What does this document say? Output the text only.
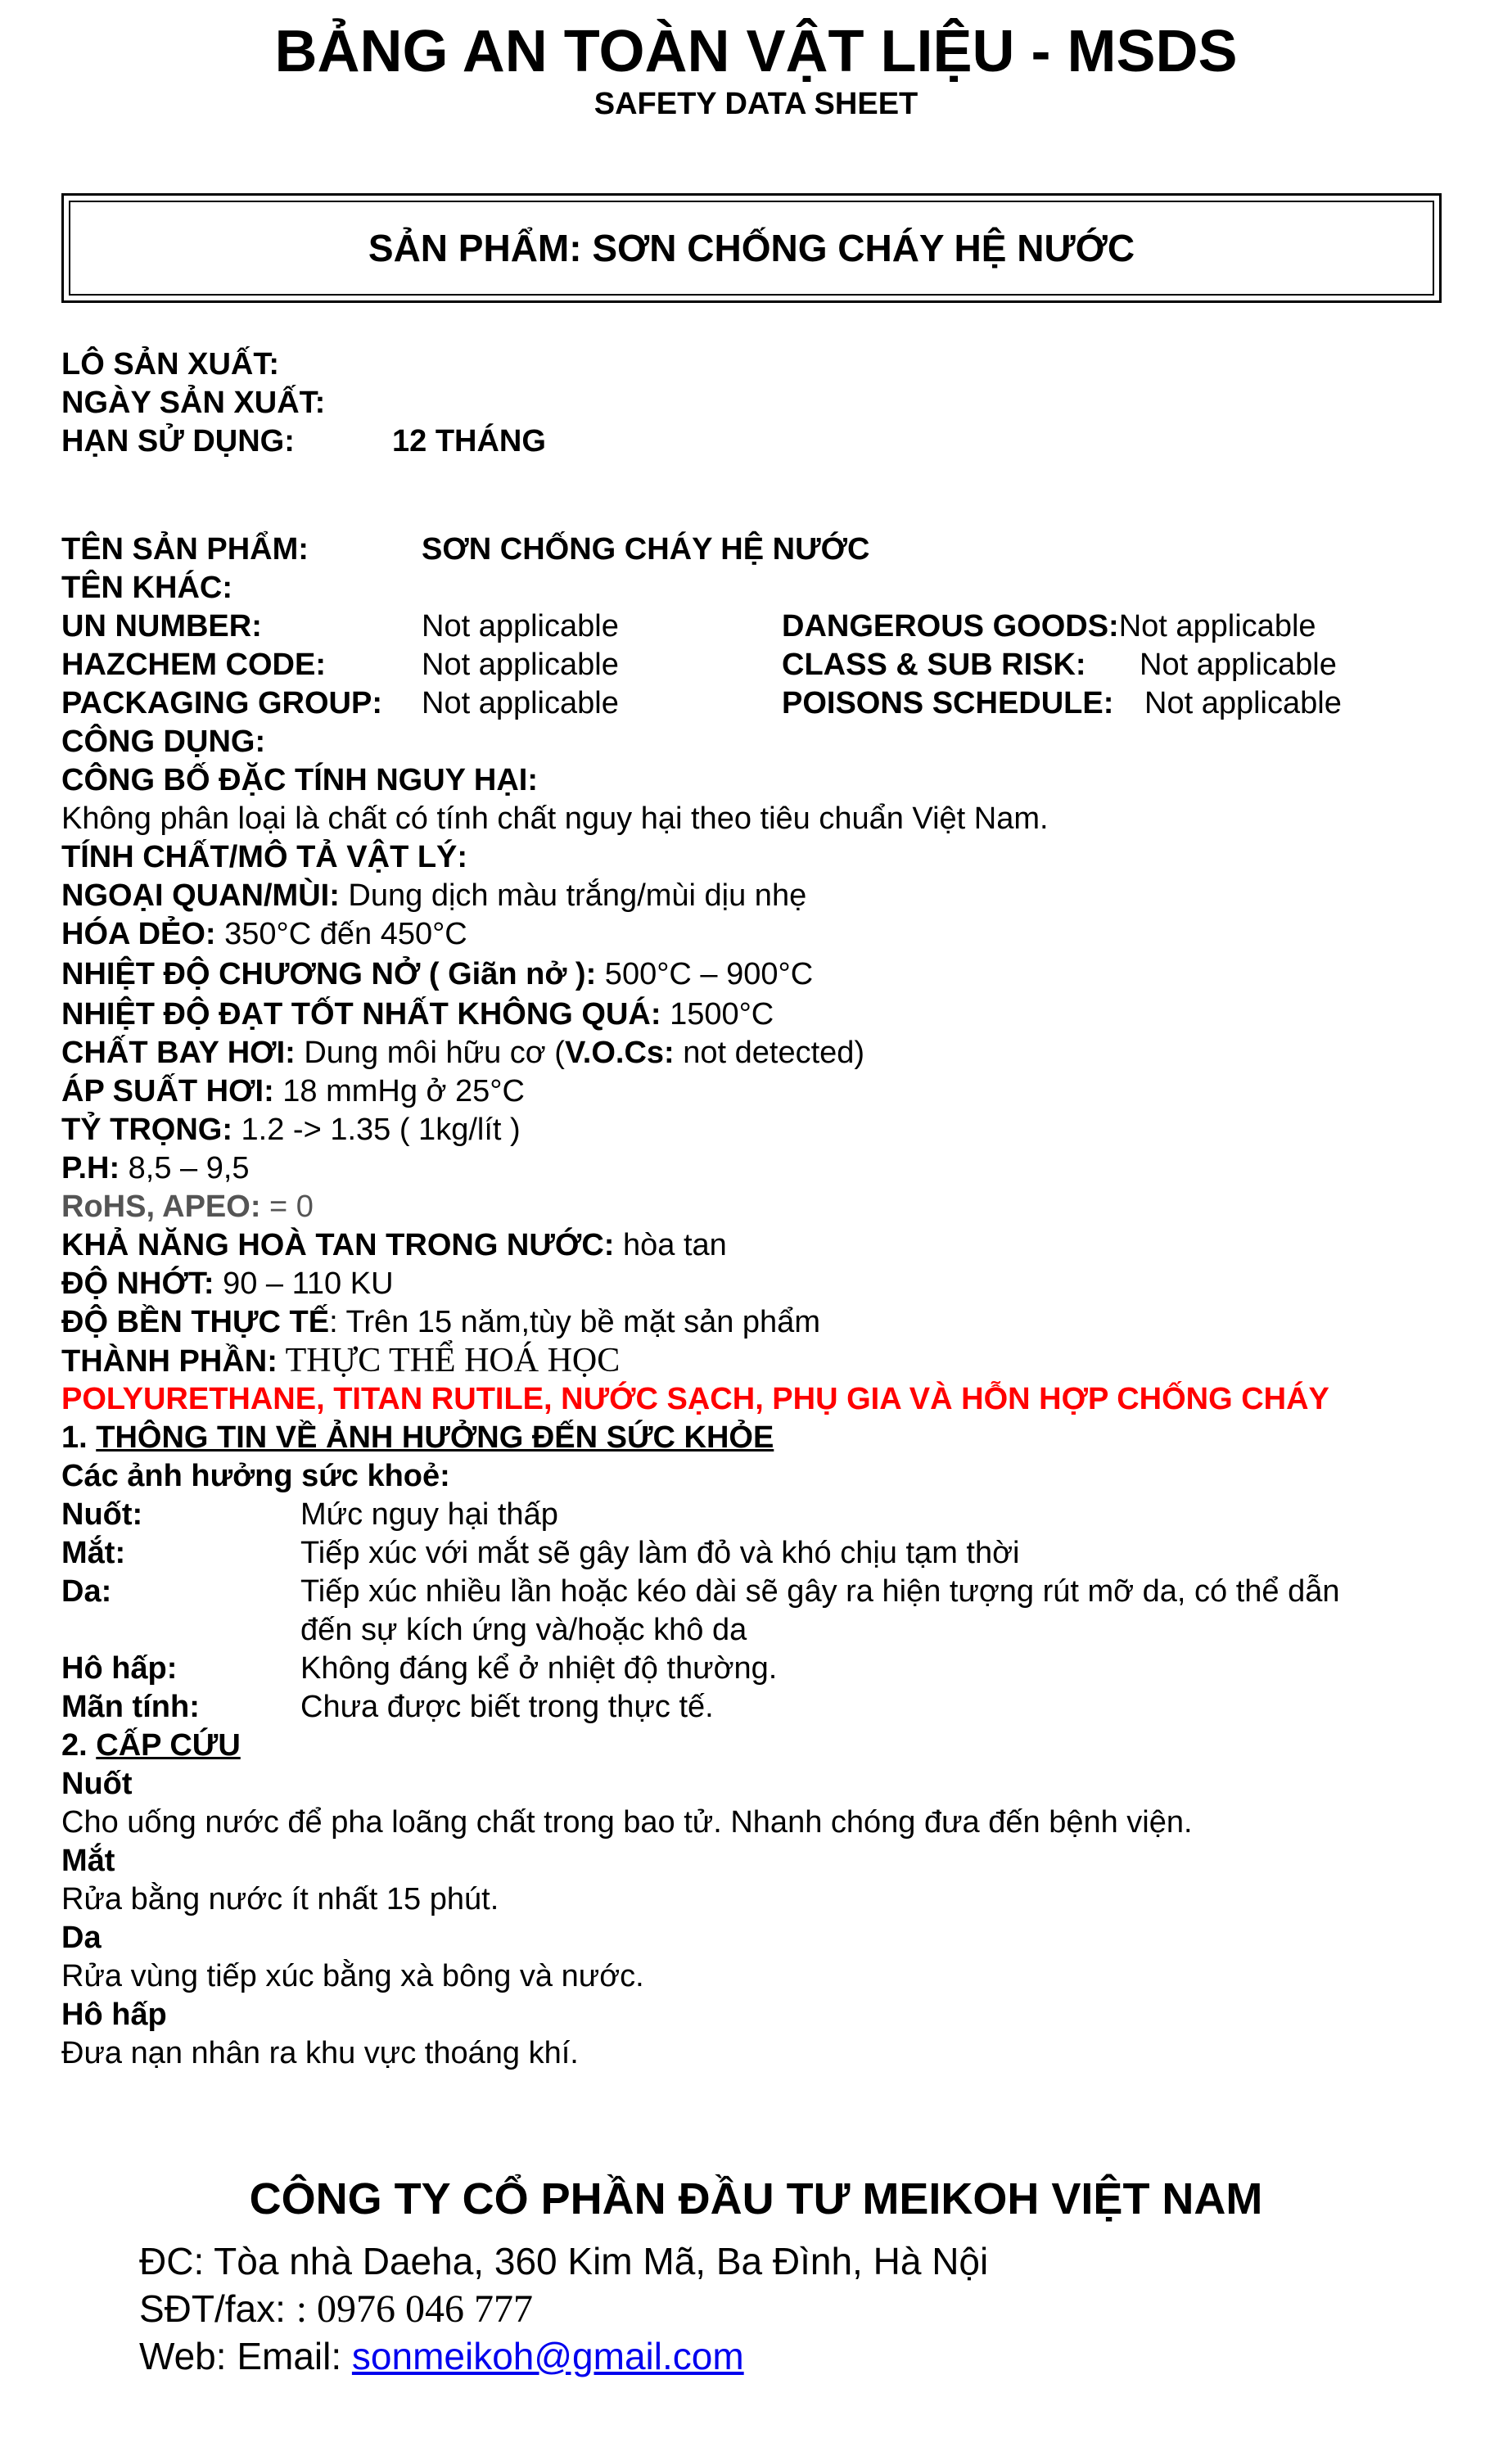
BẢNG AN TOÀN VẬT LIỆU - MSDS
SAFETY DATA SHEET
SẢN PHẨM: SƠN CHỐNG CHÁY HỆ NƯỚC
LÔ SẢN XUẤT:
NGÀY SẢN XUẤT:
HẠN SỬ DỤNG:	12 THÁNG
TÊN SẢN PHẨM:	SƠN CHỐNG CHÁY HỆ NƯỚC
TÊN KHÁC:
UN NUMBER:	Not applicable	DANGEROUS GOODS:Not applicable
HAZCHEM CODE:	Not applicable	CLASS & SUB RISK: Not applicable
PACKAGING GROUP: Not applicable	POISONS SCHEDULE: Not applicable
CÔNG DỤNG:
CÔNG BỐ ĐẶC TÍNH NGUY HẠI:
Không phân loại là chất có tính chất nguy hại theo tiêu chuẩn Việt Nam.
TÍNH CHẤT/MÔ TẢ VẬT LÝ:
NGOẠI QUAN/MÙI: Dung dịch màu trắng/mùi dịu nhẹ
HÓA DẺO: 350°C đến 450°C
NHIỆT ĐỘ CHƯƠNG NỞ ( Giãn nở ): 500°C – 900°C
NHIỆT ĐỘ ĐẠT TỐT NHẤT KHÔNG QUÁ: 1500°C
CHẤT BAY HƠI: Dung môi hữu cơ (V.O.Cs: not detected)
ÁP SUẤT HƠI: 18 mmHg ở 25°C
TỶ TRỌNG: 1.2 -> 1.35 ( 1kg/lít )
P.H: 8,5 – 9,5
RoHS, APEO: = 0
KHẢ NĂNG HOÀ TAN TRONG NƯỚC: hòa tan
ĐỘ NHỚT: 90 – 110 KU
ĐỘ BỀN THỰC TẾ: Trên 15 năm,tùy bề mặt sản phẩm
THÀNH PHẦN: THỰC THỂ HOÁ HỌC
POLYURETHANE, TITAN RUTILE, NƯỚC SẠCH, PHỤ GIA VÀ HỖN HỢP CHỐNG CHÁY
1. THÔNG TIN VỀ ẢNH HƯỞNG ĐẾN SỨC KHỎE
Các ảnh hưởng sức khoẻ:
Nuốt:	Mức nguy hại thấp
Mắt:	Tiếp xúc với mắt sẽ gây làm đỏ và khó chịu tạm thời
Da:	Tiếp xúc nhiều lần hoặc kéo dài sẽ gây ra hiện tượng rút mỡ da, có thể dẫn
đến sự kích ứng và/hoặc khô da
Hô hấp:	Không đáng kể ở nhiệt độ thường.
Mãn tính:	Chưa được biết trong thực tế.
2. CẤP CỨU
Nuốt
Cho uống nước để pha loãng chất trong bao tử. Nhanh chóng đưa đến bệnh viện.
Mắt
Rửa bằng nước ít nhất 15 phút.
Da
Rửa vùng tiếp xúc bằng xà bông và nước.
Hô hấp
Đưa nạn nhân ra khu vực thoáng khí.
CÔNG TY CỔ PHẦN ĐẦU TƯ MEIKOH VIỆT NAM
ĐC: Tòa nhà Daeha, 360 Kim Mã, Ba Đình, Hà Nội
SĐT/fax: : 0976 046 777
Web: Email: sonmeikoh@gmail.com
